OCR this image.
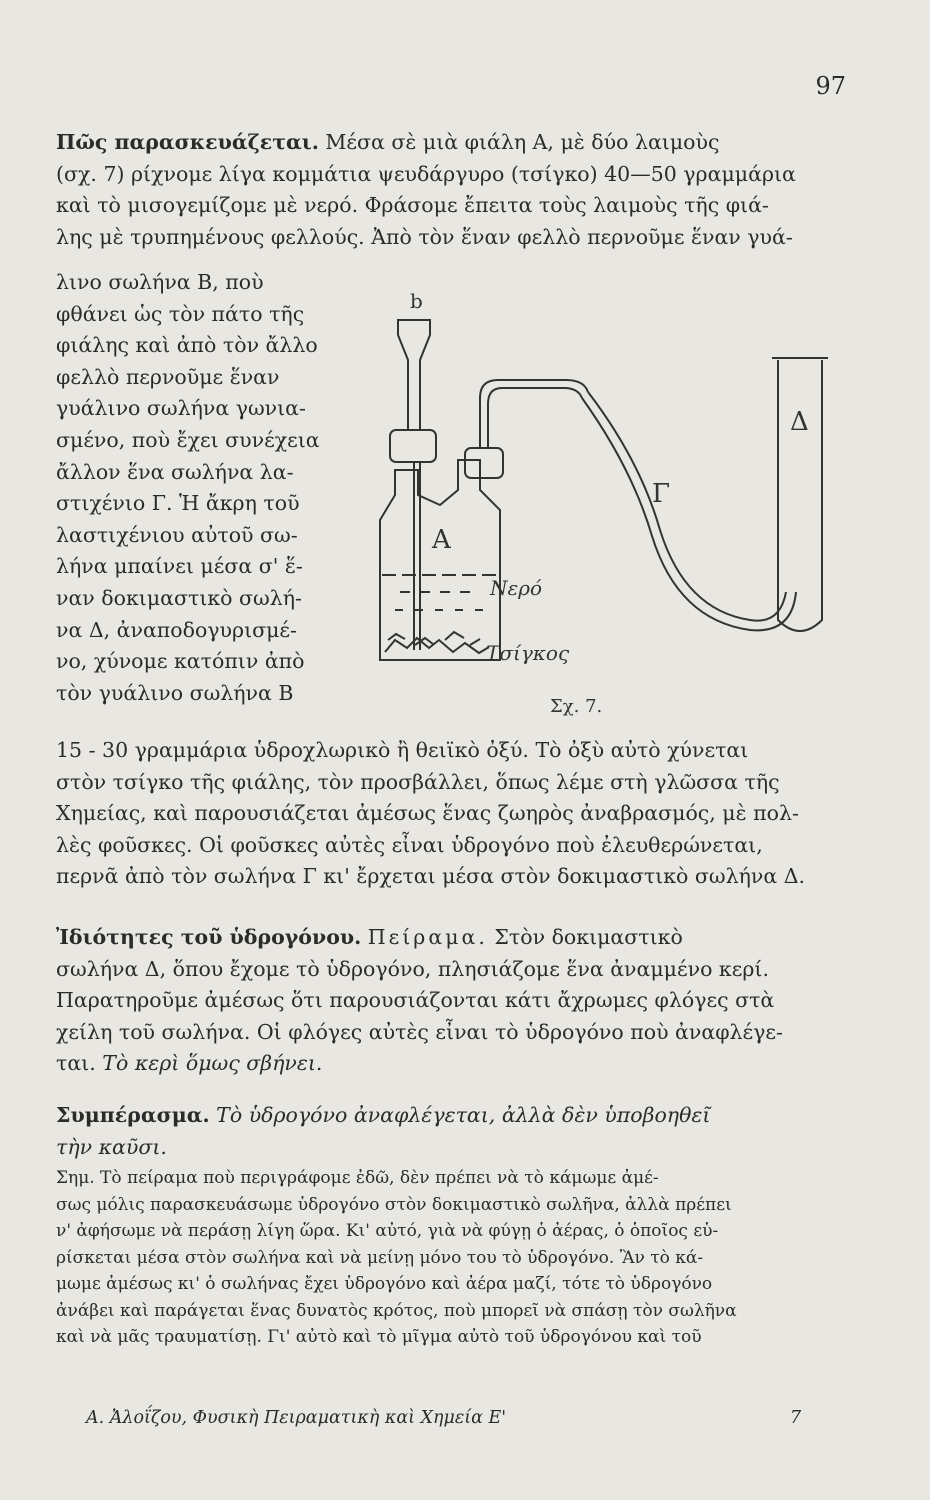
97
Πῶς παρασκευάζεται. Μέσα σὲ μιὰ φιάλη Α, μὲ δύο λαιμοὺς
(σχ. 7) ρίχνομε λίγα κομμάτια ψευδάργυρο (τσίγκο) 40—50 γραμμάρια
καὶ τὸ μισογεμίζομε μὲ νερό. Φράσομε ἔπειτα τοὺς λαιμοὺς τῆς φιά-
λης μὲ τρυπημένους φελλούς. Ἀπὸ τὸν ἕναν φελλὸ περνοῦμε ἕναν γυά-
λινο σωλήνα Β, ποὺ
φθάνει ὡς τὸν πάτο τῆς
φιάλης καὶ ἀπὸ τὸν ἄλλο
φελλὸ περνοῦμε ἕναν
γυάλινο σωλήνα γωνια-
σμένο, ποὺ ἔχει συνέχεια
ἄλλον ἕνα σωλήνα λα-
στιχένιο Γ. Ἡ ἄκρη τοῦ
λαστιχένιου αὐτοῦ σω-
λήνα μπαίνει μέσα σ' ἕ-
ναν δοκιμαστικὸ σωλή-
να Δ, ἀναποδογυρισμέ-
νο, χύνομε κατόπιν ἀπὸ
τὸν γυάλινο σωλήνα Β
b
Α
Γ
Δ
Νερό
Τσίγκος
Σχ. 7.
15 - 30 γραμμάρια ὑδροχλωρικὸ ἢ θειϊκὸ ὀξύ. Τὸ ὀξὺ αὐτὸ χύνεται
στὸν τσίγκο τῆς φιάλης, τὸν προσβάλλει, ὅπως λέμε στὴ γλῶσσα τῆς
Χημείας, καὶ παρουσιάζεται ἀμέσως ἕνας ζωηρὸς ἀναβρασμός, μὲ πολ-
λὲς φοῦσκες. Οἱ φοῦσκες αὐτὲς εἶναι ὑδρογόνο ποὺ ἐλευθερώνεται,
περνᾶ ἀπὸ τὸν σωλήνα Γ κι' ἔρχεται μέσα στὸν δοκιμαστικὸ σωλήνα Δ.
Ἰδιότητες τοῦ ὑδρογόνου. Πείραμα. Στὸν δοκιμαστικὸ
σωλήνα Δ, ὅπου ἔχομε τὸ ὑδρογόνο, πλησιάζομε ἕνα ἀναμμένο κερί.
Παρατηροῦμε ἀμέσως ὅτι παρουσιάζονται κάτι ἄχρωμες φλόγες στὰ
χείλη τοῦ σωλήνα. Οἱ φλόγες αὐτὲς εἶναι τὸ ὑδρογόνο ποὺ ἀναφλέγε-
ται. Τὸ κερὶ ὅμως σβήνει.
Συμπέρασμα. Τὸ ὑδρογόνο ἀναφλέγεται, ἀλλὰ δὲν ὑποβοηθεῖ
τὴν καῦσι.
Σημ. Τὸ πείραμα ποὺ περιγράφομε ἐδῶ, δὲν πρέπει νὰ τὸ κάμωμε ἀμέ-
σως μόλις παρασκευάσωμε ὑδρογόνο στὸν δοκιμαστικὸ σωλῆνα, ἀλλὰ πρέπει
ν' ἀφήσωμε νὰ περάσῃ λίγη ὥρα. Κι' αὐτό, γιὰ νὰ φύγῃ ὁ ἀέρας, ὁ ὁποῖος εὑ-
ρίσκεται μέσα στὸν σωλήνα καὶ νὰ μείνῃ μόνο του τὸ ὑδρογόνο. Ἂν τὸ κά-
μωμε ἀμέσως κι' ὁ σωλήνας ἔχει ὑδρογόνο καὶ ἀέρα μαζί, τότε τὸ ὑδρογόνο
ἀνάβει καὶ παράγεται ἕνας δυνατὸς κρότος, ποὺ μπορεῖ νὰ σπάσῃ τὸν σωλῆνα
καὶ νὰ μᾶς τραυματίσῃ. Γι' αὐτὸ καὶ τὸ μῖγμα αὐτὸ τοῦ ὑδρογόνου καὶ τοῦ
Α. Ἀλοΐζου, Φυσικὴ Πειραματικὴ καὶ Χημεία Ε'	7
